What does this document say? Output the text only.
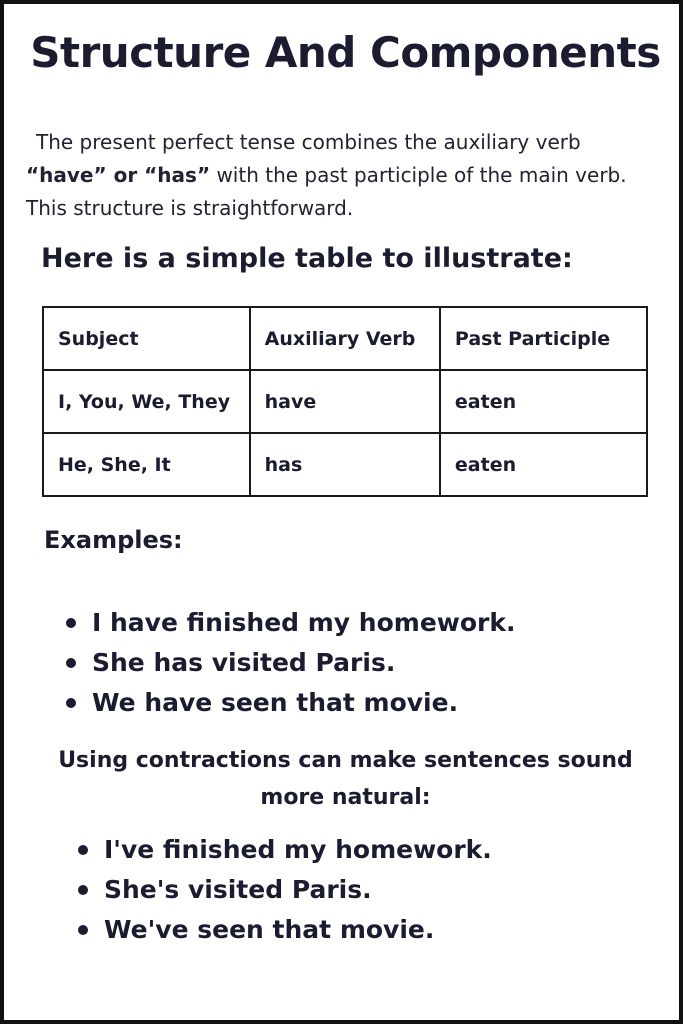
Structure And Components

The present perfect tense combines the auxiliary verb “have” or “has” with the past participle of the main verb. This structure is straightforward.

Here is a simple table to illustrate:
Subject	Auxiliary Verb	Past Participle
I, You, We, They	have	eaten
He, She, It	has	eaten
Examples:
I have finished my homework.
She has visited Paris.
We have seen that movie.

Using contractions can make sentences sound more natural:

I've finished my homework.
She's visited Paris.
We've seen that movie.
